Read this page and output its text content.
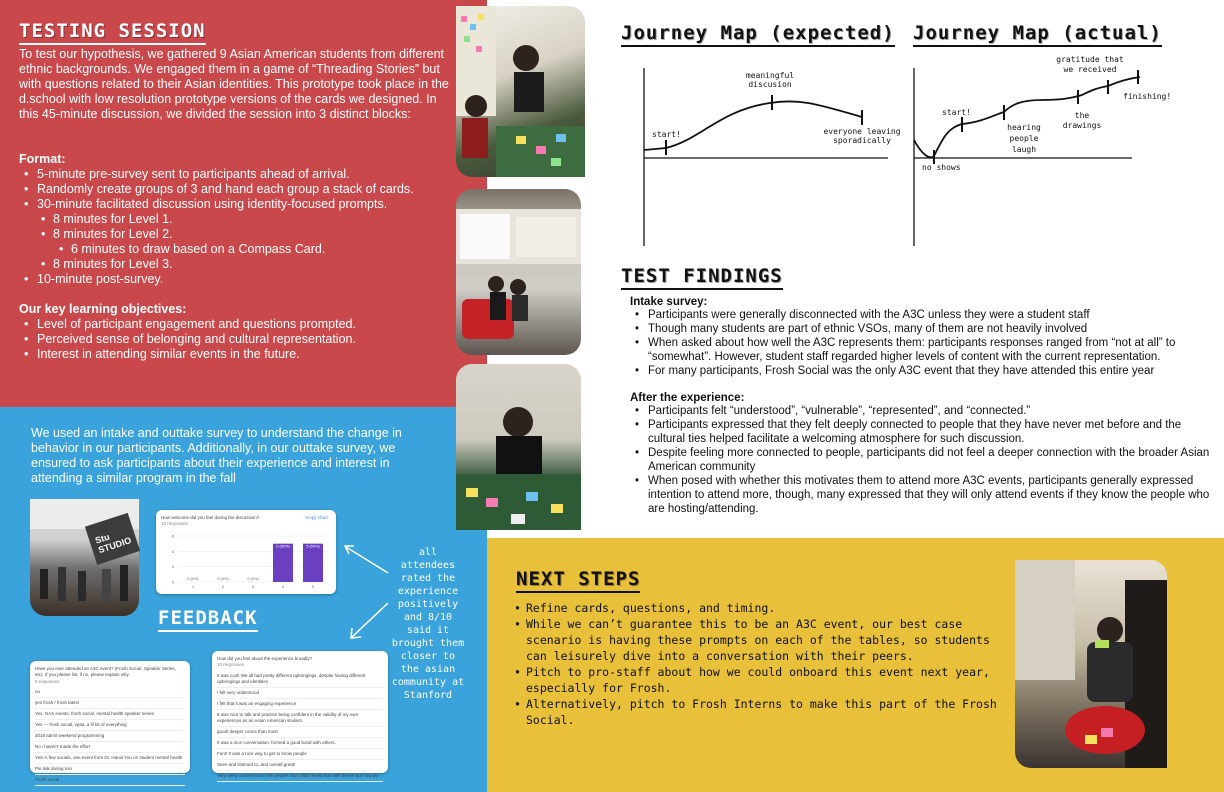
TESTING SESSION

To test our hypothesis, we gathered 9 Asian American students from different ethnic backgrounds. We engaged them in a game of “Threading Stories” but with questions related to their Asian identities. This prototype took place in the d.school with low resolution prototype versions of the cards we designed. In this 45-minute discussion, we divided the session into 3 distinct blocks:

Format:
• 5-minute pre-survey sent to participants ahead of arrival.
• Randomly create groups of 3 and hand each group a stack of cards.
• 30-minute facilitated discussion using identity-focused prompts.
• 8 minutes for Level 1.
• 8 minutes for Level 2.
• 6 minutes to draw based on a Compass Card.
• 8 minutes for Level 3.
• 10-minute post-survey.
Our key learning objectives:
• Level of participant engagement and questions prompted.
• Perceived sense of belonging and cultural representation.
• Interest in attending similar events in the future.

We used an intake and outtake survey to understand the change in behavior in our participants. Additionally, in our outtake survey, we ensured to ask participants about their experience and interest in attending a similar program in the fall

Stu STUDIO
How welcome did you feel during the discussion?
10 responses
Copy chart
6
4
2
0
0 (0%)
1
0 (0%)
2
0 (0%)
3
5 (50%)
4
5 (50%)
5
FEEDBACK

all attendees rated the experience positively and 8/10 said it brought them closer to the asian community at Stanford

Have you ever attended an A3C event? (Frosh Social, Speaker Series, etc). If you please list, if no, please explain why.
9 responses
no
yes frosh / frosh latest
Yes, NAS events, frosh social, mental health speaker series
Yes — frosh social, vpaa, a lil bit of everything
2018 admit weekend programming
No i haven't made the effort
Yes! A few socials, one event from Dr. Hanoi You on student mental health
Pie talk during nso
Frosh social
How did you feel about the experience broadly?
10 responses
It was cool! We all had pretty different upbringings, despite having different upbringings and identities
I felt very understood
I felt that it was an engaging experience
It was nice to talk and practice being confident in the validity of my own experiences as an Asian American student.
good! deeper conns than most
It was a nice conversation, formed a good bond with others.
Fun!! It was a nice way to get to know people
Seen and listened to, and overall great!
Very deep conversation with people that i didn't know that well before but now do
Journey Map (expected) Journey Map (actual)
start!
meaningful discusion
everyone leaving sporadically
no shows
start!
hearing people laugh
the drawings
gratitude that we received
finishing!
TEST FINDINGS
Intake survey:
• Participants were generally disconnected with the A3C unless they were a student staff
• Though many students are part of ethnic VSOs, many of them are not heavily involved
• When asked about how well the A3C represents them: participants responses ranged from “not at all” to “somewhat”. However, student staff regarded higher levels of content with the current representation.
• For many participants, Frosh Social was the only A3C event that they have attended this entire year
After the experience:
• Participants felt “understood”, “vulnerable”, “represented”, and “connected.”
• Participants expressed that they felt deeply connected to people that they have never met before and the cultural ties helped facilitate a welcoming atmosphere for such discussion.
• Despite feeling more connected to people, participants did not feel a deeper connection with the broader Asian American community
• When posed with whether this motivates them to attend more A3C events, participants generally expressed intention to attend more, though, many expressed that they will only attend events if they know the people who are hosting/attending.
NEXT STEPS
• Refine cards, questions, and timing.
• While we can’t guarantee this to be an A3C event, our best case scenario is having these prompts on each of the tables, so students can leisurely dive into a conversation with their peers.
• Pitch to pro-staff about how we could onboard this event next year, especially for Frosh.
• Alternatively, pitch to Frosh Interns to make this part of the Frosh Social.
